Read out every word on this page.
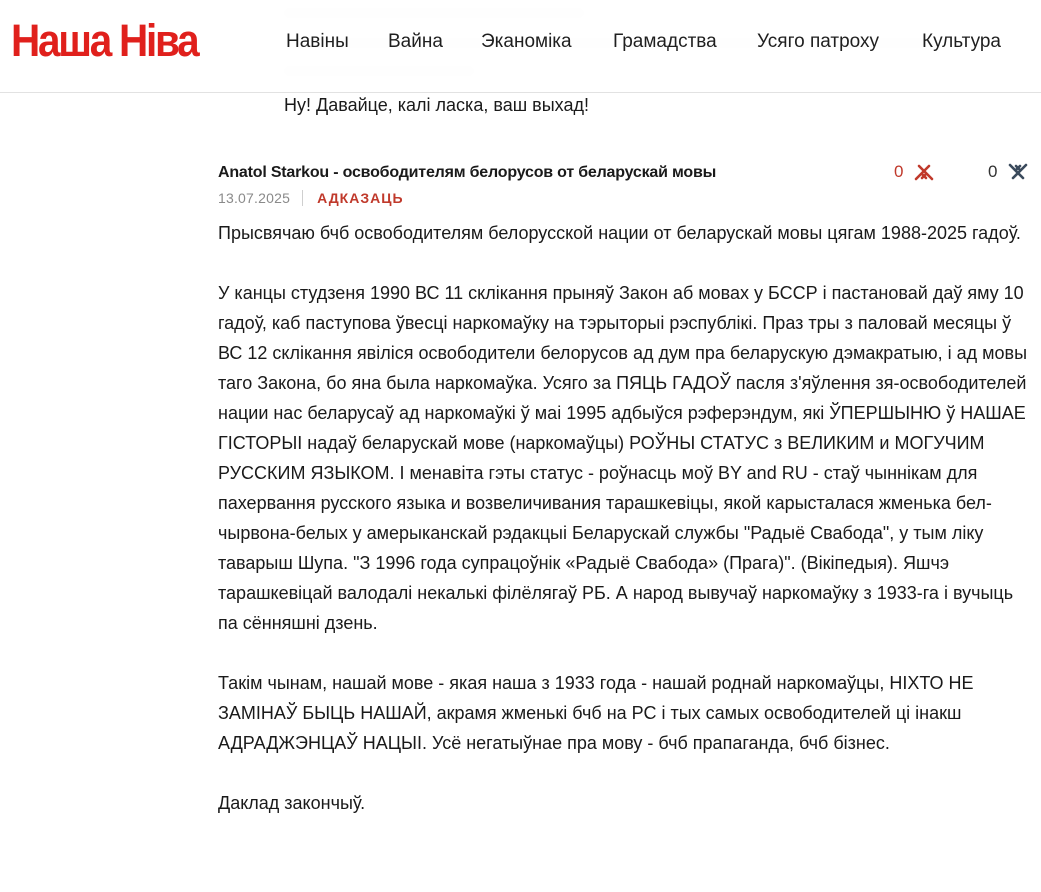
Ну! Давайце, калі ласка, ваш выхад!
Наша Ніва	Навіны Вайна Эканоміка Грамадства Усяго патроху Культура
Anatol Starkou - освободителям белорусов от беларускай мовы	0	0
13.07.2025 АДКАЗАЦЬ

Прысвячаю бчб освободителям белорусской нации от беларускай мовы цягам 1988-2025 гадоў.

У канцы студзеня 1990 ВС 11 склікання прыняў Закон аб мовах у БССР і пастановай даў яму 10 гадоў, каб паступова ўвесці наркомаўку на тэрыторыі рэспублікі. Праз тры з паловай месяцы ў ВС 12 склікання явіліся освободители белорусов ад дум пра беларускую дэмакратыю, і ад мовы таго Закона, бо яна была наркомаўка. Усяго за ПЯЦЬ ГАДОЎ пасля з'яўлення зя-освободителей нации нас беларусаў ад наркомаўкі ў маі 1995 адбыўся рэферэндум, які ЎПЕРШЫНЮ ў НАШАЕ ГІСТОРЫІ надаў беларускай мове (наркомаўцы) РОЎНЫ СТАТУС з ВЕЛИКИМ и МОГУЧИМ РУССКИМ ЯЗЫКОМ. І менавіта гэты статус - роўнасць моў BY and RU - стаў чыннікам для пахервання русского языка и возвеличивания тарашкевіцы, якой карысталася жменька бел-чырвона-белых у амерыканскай рэдакцыі Беларускай службы "Радыё Свабода", у тым ліку таварыш Шупа. "З 1996 года супрацоўнік «Радыё Свабода» (Прага)". (Вікіпедыя). Яшчэ тарашкевіцай валодалі некалькі філёлягаў РБ. А народ вывучаў наркомаўку з 1933-га і вучыць па сённяшні дзень.

Такім чынам, нашай мове - якая наша з 1933 года - нашай роднай наркомаўцы, НІХТО НЕ ЗАМІНАЎ БЫЦЬ НАШАЙ, акрамя жменькі бчб на РС і тых самых освободителей ці інакш АДРАДЖЭНЦАЎ НАЦЫІ. Усё негатыўнае пра мову - бчб прапаганда, бчб бізнес.

Даклад закончыў.
